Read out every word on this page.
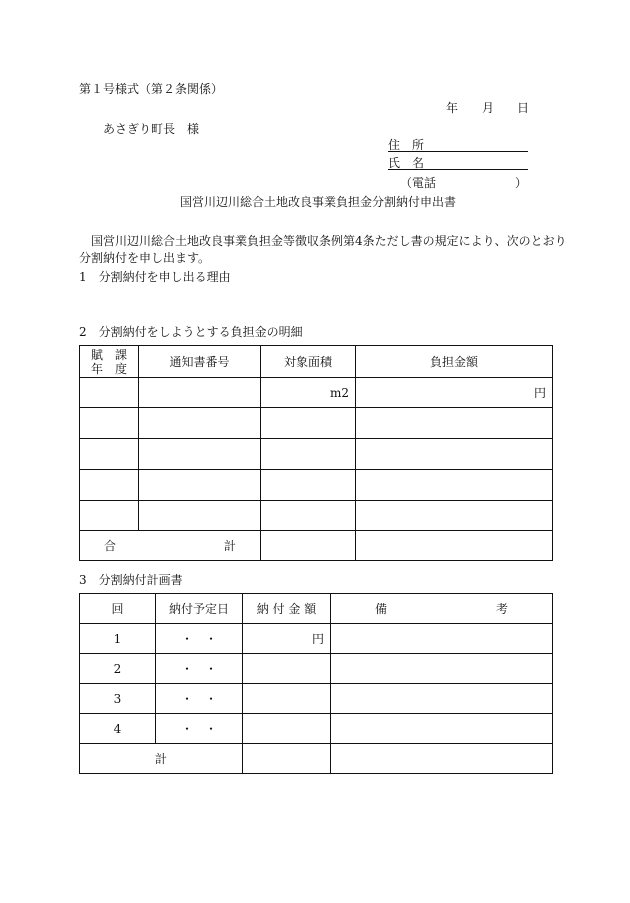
第１号様式（第２条関係）
年 月 日
あさぎり町長　様
住　所
氏　名
（電話	）
国営川辺川総合土地改良事業負担金分割納付申出書
国営川辺川総合土地改良事業負担金等徴収条例第4条ただし書の規定により、次のとおり
分割納付を申し出ます。
1　分割納付を申し出る理由
2　分割納付をしようとする負担金の明細
賦　課
年　度	通知書番号	対象面積	負担金額
		m2	円

合 計			

3　分割納付計画書
回	納付予定日	納 付 金 額	備 考

1	・　・	円	
2	・　・		
3	・　・		
4	・　・		
計			
